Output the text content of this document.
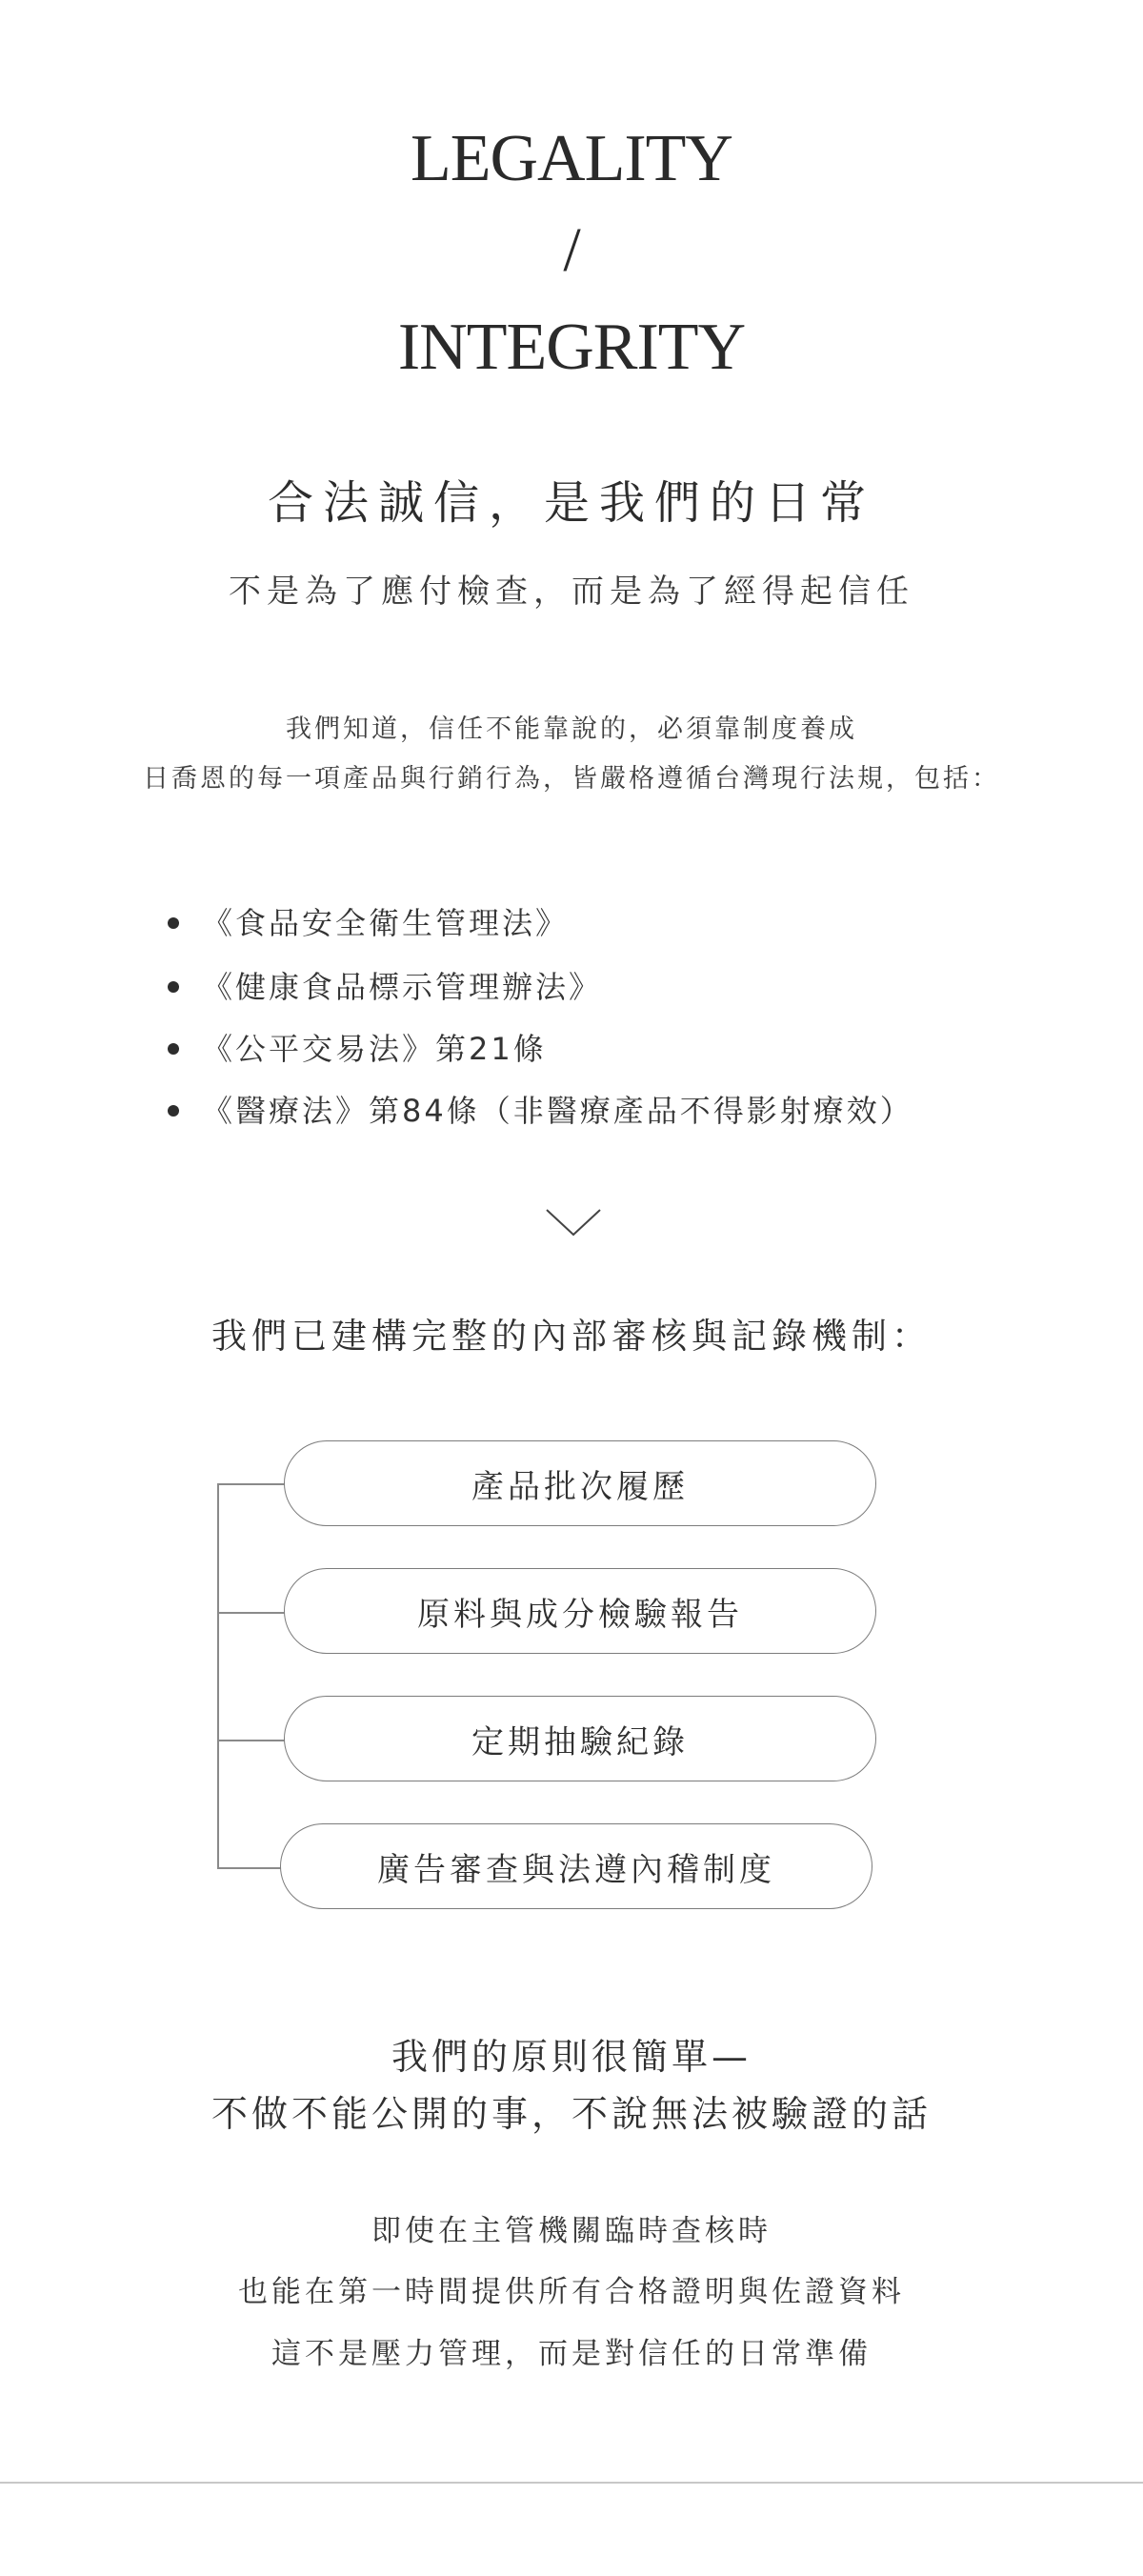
LEGALITY
/
INTEGRITY
合法誠信，是我們的日常
不是為了應付檢查，而是為了經得起信任
我們知道，信任不能靠說的，必須靠制度養成
日喬恩的每一項產品與行銷行為，皆嚴格遵循台灣現行法規，包括：
《食品安全衛生管理法》
《健康食品標示管理辦法》
《公平交易法》第21條
《醫療法》第84條（非醫療產品不得影射療效）
我們已建構完整的內部審核與記錄機制：
產品批次履歷
原料與成分檢驗報告
定期抽驗紀錄
廣告審查與法遵內稽制度
我們的原則很簡單—
不做不能公開的事，不說無法被驗證的話
即使在主管機關臨時查核時
也能在第一時間提供所有合格證明與佐證資料
這不是壓力管理，而是對信任的日常準備
